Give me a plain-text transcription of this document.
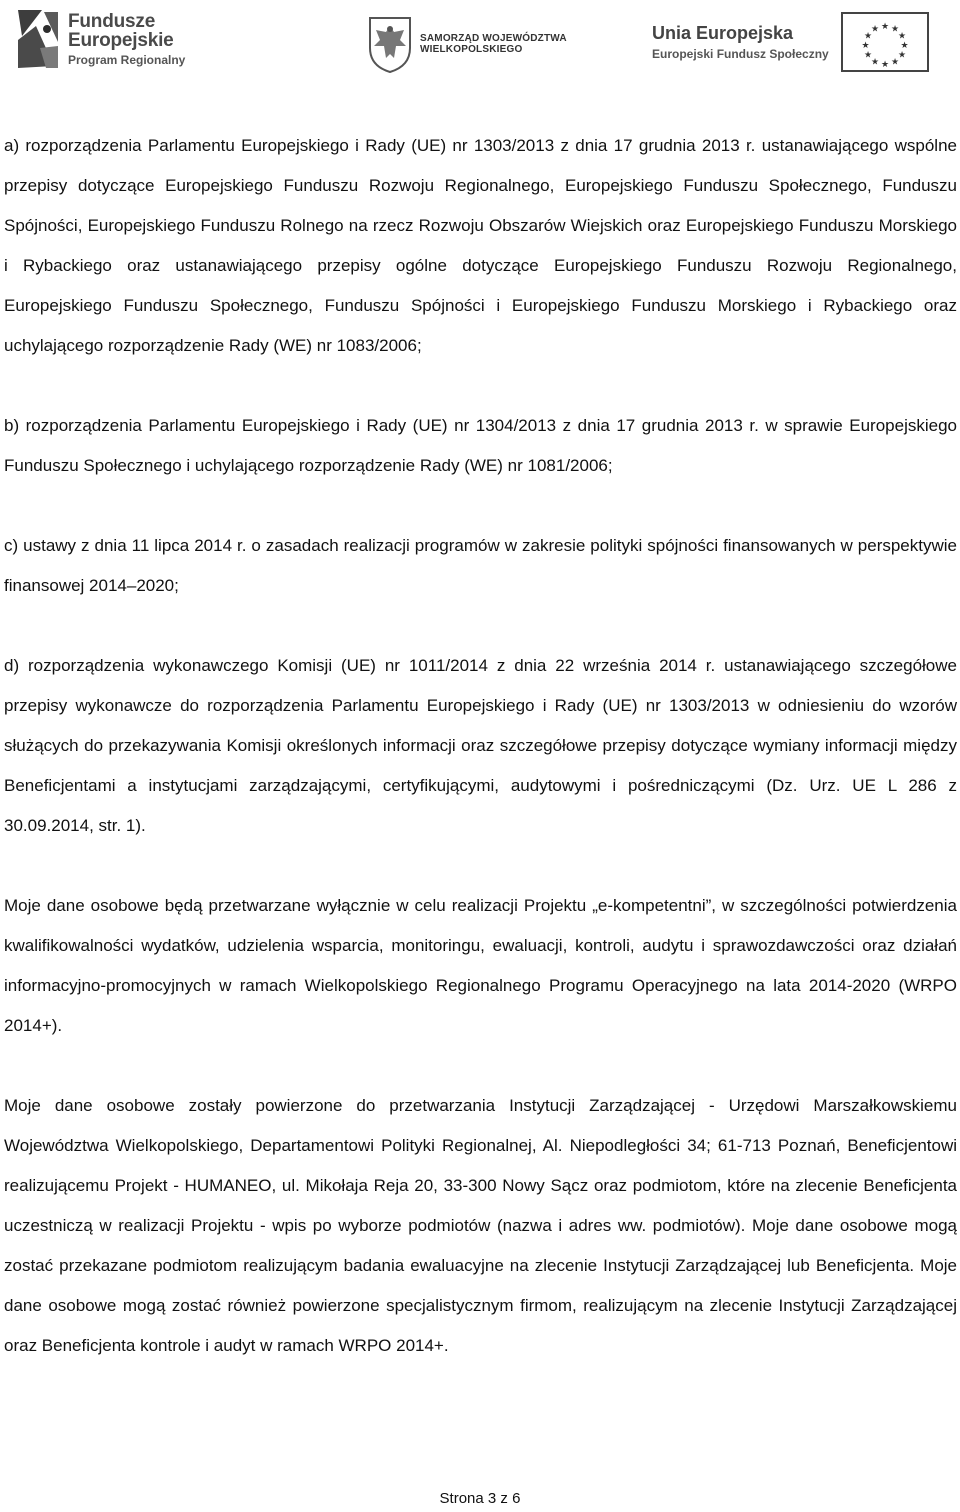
Fundusze
Europejskie
Program Regionalny
SAMORZĄD WOJEWÓDZTWA
WIELKOPOLSKIEGO
Unia Europejska
Europejski Fundusz Społeczny
★ ★
★
★
★
★
★
★
★
★
★
★

a) rozporządzenia Parlamentu Europejskiego i Rady (UE) nr 1303/2013 z dnia 17 grudnia 2013 r. ustanawiającego wspólne przepisy dotyczące Europejskiego Funduszu Rozwoju Regionalnego, Europejskiego Funduszu Społecznego, Funduszu Spójności, Europejskiego Funduszu Rolnego na rzecz Rozwoju Obszarów Wiejskich oraz Europejskiego Funduszu Morskiego i Rybackiego oraz ustanawiającego przepisy ogólne dotyczące Europejskiego Funduszu Rozwoju Regionalnego, Europejskiego Funduszu Społecznego, Funduszu Spójności i Europejskiego Funduszu Morskiego i Rybackiego oraz uchylającego rozporządzenie Rady (WE) nr 1083/2006;

b) rozporządzenia Parlamentu Europejskiego i Rady (UE) nr 1304/2013 z dnia 17 grudnia 2013 r. w sprawie Europejskiego Funduszu Społecznego i uchylającego rozporządzenie Rady (WE) nr 1081/2006;

c) ustawy z dnia 11 lipca 2014 r. o zasadach realizacji programów w zakresie polityki spójności finansowanych w perspektywie finansowej 2014–2020;

d) rozporządzenia wykonawczego Komisji (UE) nr 1011/2014 z dnia 22 września 2014 r. ustanawiającego szczegółowe przepisy wykonawcze do rozporządzenia Parlamentu Europejskiego i Rady (UE) nr 1303/2013 w odniesieniu do wzorów służących do przekazywania Komisji określonych informacji oraz szczegółowe przepisy dotyczące wymiany informacji między Beneficjentami a instytucjami zarządzającymi, certyfikującymi, audytowymi i pośredniczącymi (Dz. Urz. UE L 286 z 30.09.2014, str. 1).

Moje dane osobowe będą przetwarzane wyłącznie w celu realizacji Projektu „e-kompetentni”, w szczególności potwierdzenia kwalifikowalności wydatków, udzielenia wsparcia, monitoringu, ewaluacji, kontroli, audytu i sprawozdawczości oraz działań informacyjno-promocyjnych w ramach Wielkopolskiego Regionalnego Programu Operacyjnego na lata 2014-2020 (WRPO 2014+).

Moje dane osobowe zostały powierzone do przetwarzania Instytucji Zarządzającej - Urzędowi Marszałkowskiemu Województwa Wielkopolskiego, Departamentowi Polityki Regionalnej, Al. Niepodległości 34; 61-713 Poznań, Beneficjentowi realizującemu Projekt - HUMANEO, ul. Mikołaja Reja 20, 33-300 Nowy Sącz oraz podmiotom, które na zlecenie Beneficjenta uczestniczą w realizacji Projektu - wpis po wyborze podmiotów (nazwa i adres ww. podmiotów). Moje dane osobowe mogą zostać przekazane podmiotom realizującym badania ewaluacyjne na zlecenie Instytucji Zarządzającej lub Beneficjenta. Moje dane osobowe mogą zostać również powierzone specjalistycznym firmom, realizującym na zlecenie Instytucji Zarządzającej oraz Beneficjenta kontrole i audyt w ramach WRPO 2014+.

Strona 3 z 6
